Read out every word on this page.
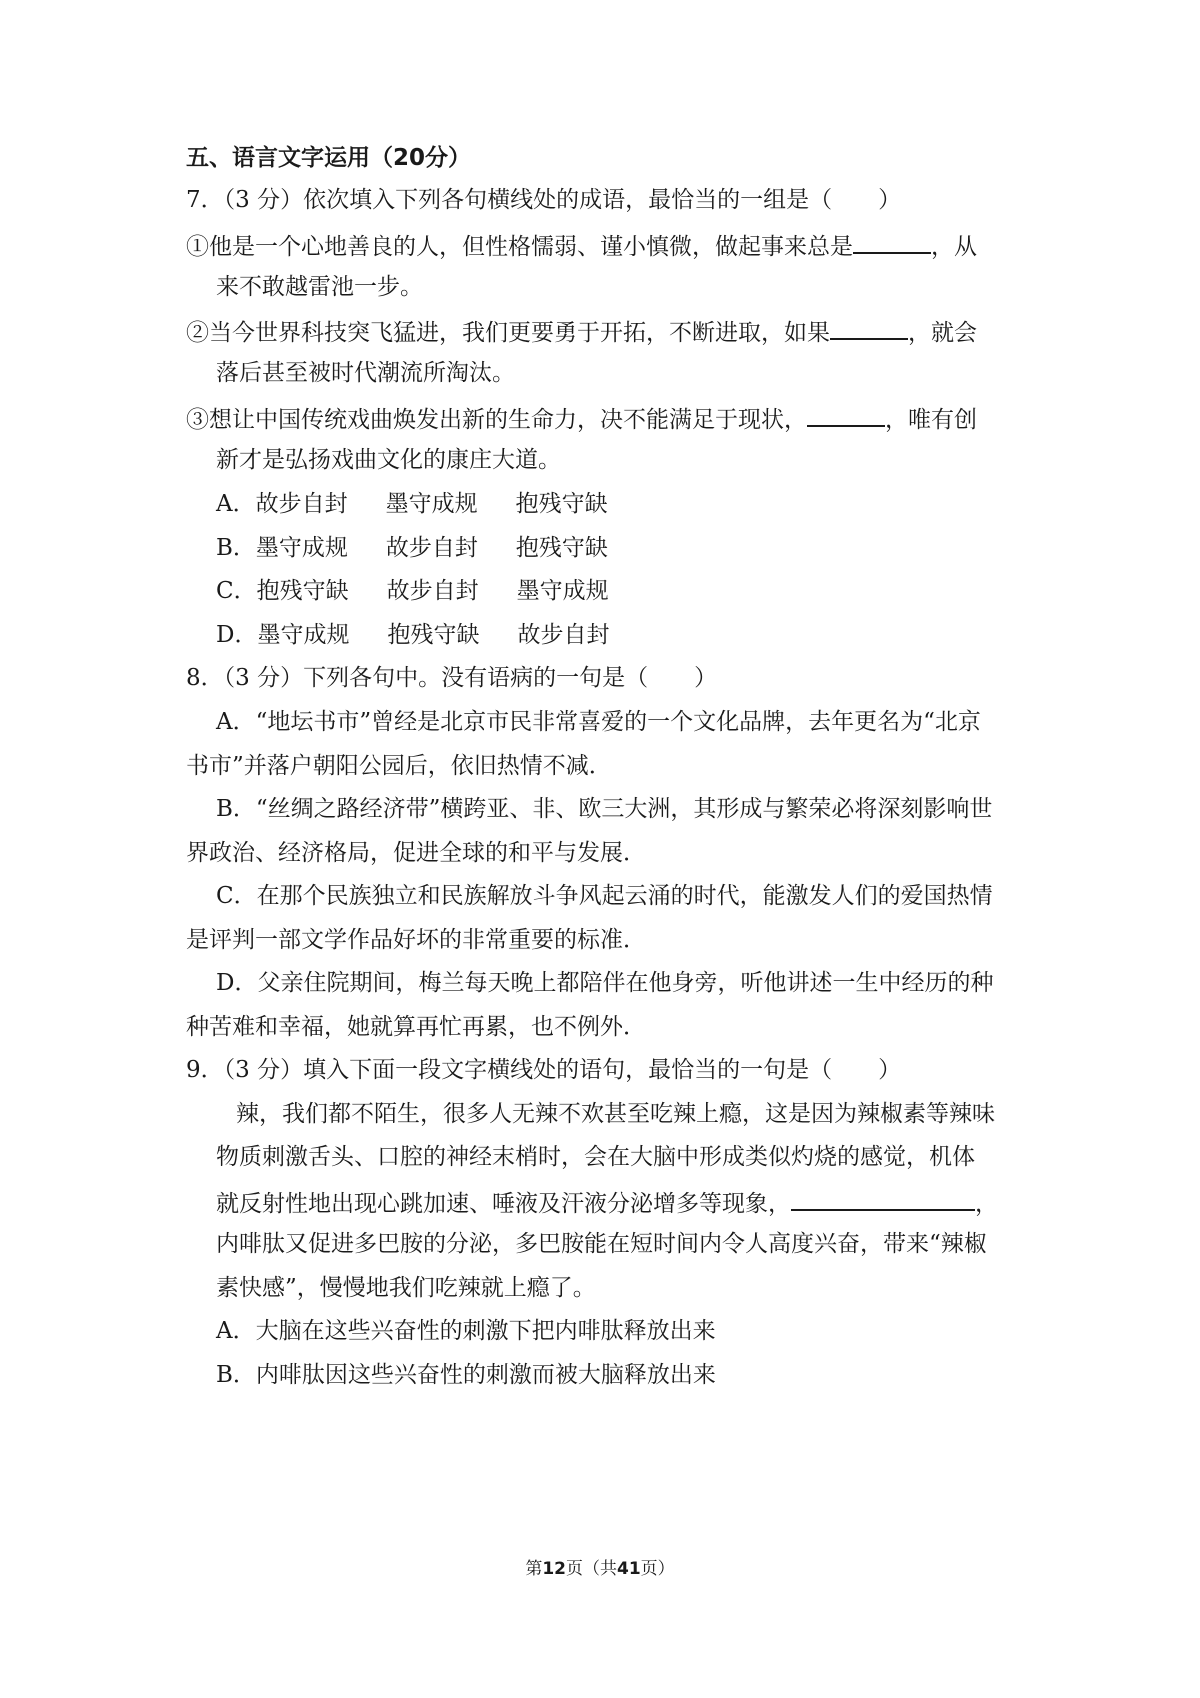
五、语言文字运用（20分）
7．（3 分）依次填入下列各句横线处的成语，最恰当的一组是（　　）
①他是一个心地善良的人，但性格懦弱、谨小慎微，做起事来总是	，从
来不敢越雷池一步。
②当今世界科技突飞猛进，我们更要勇于开拓，不断进取，如果	，就会
落后甚至被时代潮流所淘汰。
③想让中国传统戏曲焕发出新的生命力，决不能满足于现状，	，唯有创
新才是弘扬戏曲文化的康庄大道。
A．故步自封 墨守成规 抱残守缺
B．墨守成规 故步自封 抱残守缺
C．抱残守缺 故步自封 墨守成规
D．墨守成规 抱残守缺 故步自封
8．（3 分）下列各句中。没有语病的一句是（　　）
A．“地坛书市”曾经是北京市民非常喜爱的一个文化品牌，去年更名为“北京
书市”并落户朝阳公园后，依旧热情不减．
B．“丝绸之路经济带”横跨亚、非、欧三大洲，其形成与繁荣必将深刻影响世
界政治、经济格局，促进全球的和平与发展．
C．在那个民族独立和民族解放斗争风起云涌的时代，能激发人们的爱国热情
是评判一部文学作品好坏的非常重要的标准．
D．父亲住院期间，梅兰每天晚上都陪伴在他身旁，听他讲述一生中经历的种
种苦难和幸福，她就算再忙再累，也不例外．
9．（3 分）填入下面一段文字横线处的语句，最恰当的一句是（　　）
辣，我们都不陌生，很多人无辣不欢甚至吃辣上瘾，这是因为辣椒素等辣味
物质刺激舌头、口腔的神经末梢时，会在大脑中形成类似灼烧的感觉，机体
就反射性地出现心跳加速、唾液及汗液分泌增多等现象，	，
内啡肽又促进多巴胺的分泌，多巴胺能在短时间内令人高度兴奋，带来“辣椒
素快感”，慢慢地我们吃辣就上瘾了。
A．大脑在这些兴奋性的刺激下把内啡肽释放出来
B．内啡肽因这些兴奋性的刺激而被大脑释放出来
第12页（共41页）
